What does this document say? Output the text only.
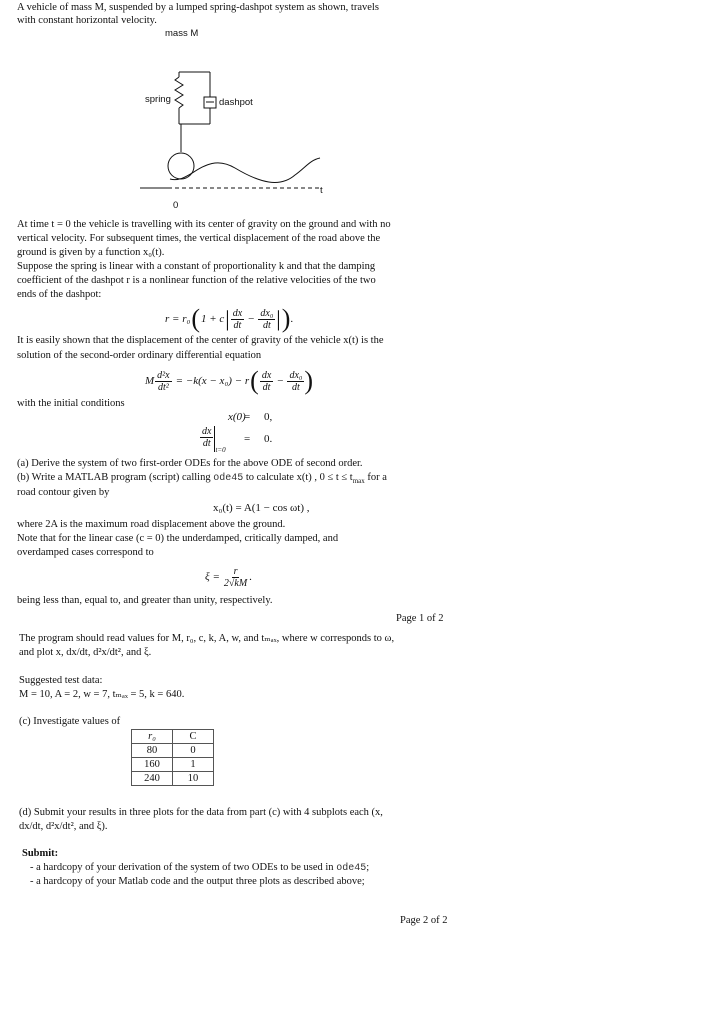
A vehicle of mass M, suspended by a lumped spring-dashpot system as shown, travels
with constant horizontal velocity.
mass M
spring	dashpot
0
t
At time t = 0 the vehicle is travelling with its center of gravity on the ground and with no
vertical velocity. For subsequent times, the vertical displacement of the road above the
ground is given by a function x₀(t).
Suppose the spring is linear with a constant of proportionality k and that the damping
coefficient of the dashpot r is a nonlinear function of the relative velocities of the two
ends of the dashpot:
r = r₀ ( 1 + c | $\frac{dx}{dt} - \frac{\text{dx₀}}{dt}$ | ) .
It is easily shown that the displacement of the center of gravity of the vehicle x(t) is the
solution of the second-order ordinary differential equation
M $\frac{\text{d²x}}{\text{dt²}} = -k(x - x_0) - r$ ( $\frac{dx}{dt} - \frac{\text{dx₀}}{dt}$ )
with the initial conditions
x(0)
= 0,
$\frac{dx}{dt}$
t=0
= 0.
(a) Derive the system of two first-order ODEs for the above ODE of second order.
(b) Write a MATLAB program (script) calling ode45 to calculate x(t) , $0 \le t \le t_{max}$ for a
road contour given by
x₀(t) = A(1 − cos ωt) ,
where 2A is the maximum road displacement above the ground.
Note that for the linear case (c = 0) the underdamped, critically damped, and
overdamped cases correspond to
$\xi = \frac{r}{2√kM}$ .
being less than, equal to, and greater than unity, respectively.
Page 1 of 2
The program should read values for M, r₀, c, k, A, w, and tₘₐₓ, where w corresponds to ω,
and plot x, dx/dt, d²x/dt², and ξ.
Suggested test data:
M = 10, A = 2, w = 7, tₘₐₓ = 5, k = 640.
(c) Investigate values of
r₀	C
80	0
160	1
240	10
(d) Submit your results in three plots for the data from part (c) with 4 subplots each (x,
dx/dt, d²x/dt², and ξ).
Submit:
- a hardcopy of your derivation of the system of two ODEs to be used in ode45;
- a hardcopy of your Matlab code and the output three plots as described above;
Page 2 of 2
